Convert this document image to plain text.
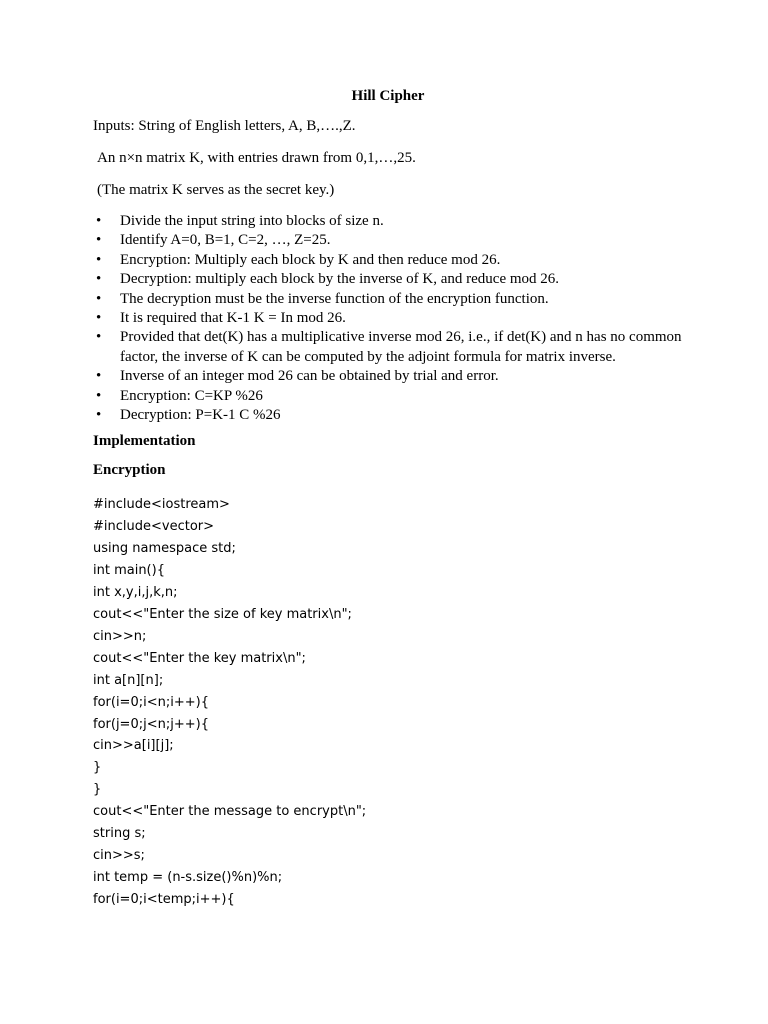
Hill Cipher
Inputs: String of English letters, A, B,….,Z.
An n×n matrix K, with entries drawn from 0,1,…,25.
(The matrix K serves as the secret key.)
• Divide the input string into blocks of size n.
• Identify A=0, B=1, C=2, …, Z=25.
• Encryption: Multiply each block by K and then reduce mod 26.
• Decryption: multiply each block by the inverse of K, and reduce mod 26.
• The decryption must be the inverse function of the encryption function.
• It is required that K-1 K = In mod 26.
• Provided that det(K) has a multiplicative inverse mod 26, i.e., if det(K) and n has no common factor, the inverse of K can be computed by the adjoint formula for matrix inverse.
• Inverse of an integer mod 26 can be obtained by trial and error.
• Encryption: C=KP %26
• Decryption: P=K-1 C %26
Implementation
Encryption
#include<iostream>
#include<vector>
using namespace std;
int main(){
int x,y,i,j,k,n;
cout<<"Enter the size of key matrix\n";
cin>>n;
cout<<"Enter the key matrix\n";
int a[n][n];
for(i=0;i<n;i++){
for(j=0;j<n;j++){
cin>>a[i][j];
}
}
cout<<"Enter the message to encrypt\n";
string s;
cin>>s;
int temp = (n-s.size()%n)%n;
for(i=0;i<temp;i++){
